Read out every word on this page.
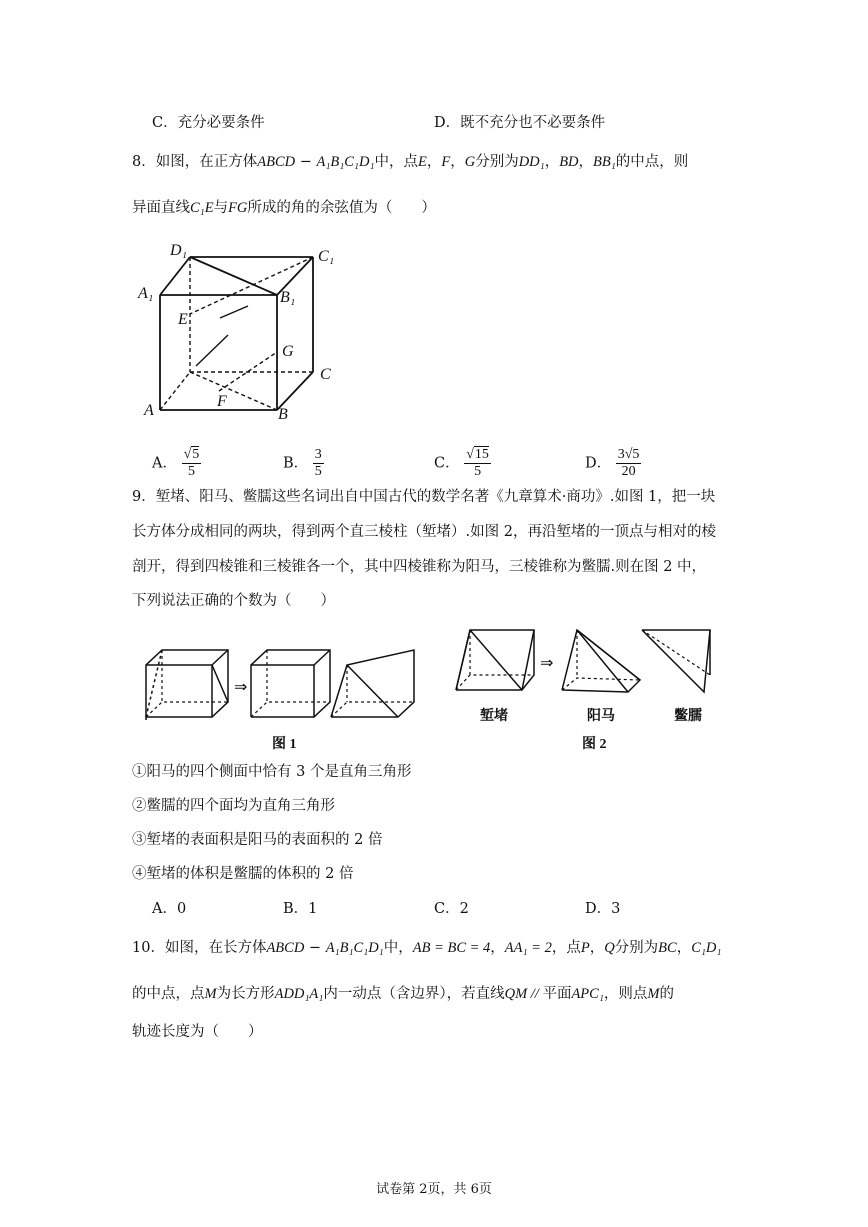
C．充分必要条件	D．既不充分也不必要条件
8．如图，在正方体ABCD − A₁B₁C₁D₁中，点E，F，G分别为DD₁，BD，BB₁的中点，则
异面直线C₁E与FG所成的角的余弦值为（　　）
D₁	C₁
A₁	B₁
E
G
C
A
F
B
A． $\frac{√5}{5}$	B． $\frac{3}{5}$	C． $\frac{√15}{5}$	D． $\frac{3√5}{20}$
9．堑堵、阳马、鳖臑这些名词出自中国古代的数学名著《九章算术·商功》.如图 1，把一块
长方体分成相同的两块，得到两个直三棱柱（堑堵）.如图 2，再沿堑堵的一顶点与相对的棱
剖开，得到四棱锥和三棱锥各一个，其中四棱锥称为阳马，三棱锥称为鳖臑.则在图 2 中，
下列说法正确的个数为（　　）
⇒
图 1
⇒
堑堵	阳马	鳖臑
图 2
①阳马的四个侧面中恰有 3 个是直角三角形
②鳖臑的四个面均为直角三角形
③堑堵的表面积是阳马的表面积的 2 倍
④堑堵的体积是鳖臑的体积的 2 倍
A．0	B．1	C．2	D．3
10．如图，在长方体ABCD − A₁B₁C₁D₁中，AB = BC = 4，AA₁ = 2，点P，Q分别为BC，C₁D₁
的中点，点M为长方形ADD₁A₁内一动点（含边界），若直线QM // 平面APC₁，则点M的
轨迹长度为（　　）
试卷第 2页，共 6页
